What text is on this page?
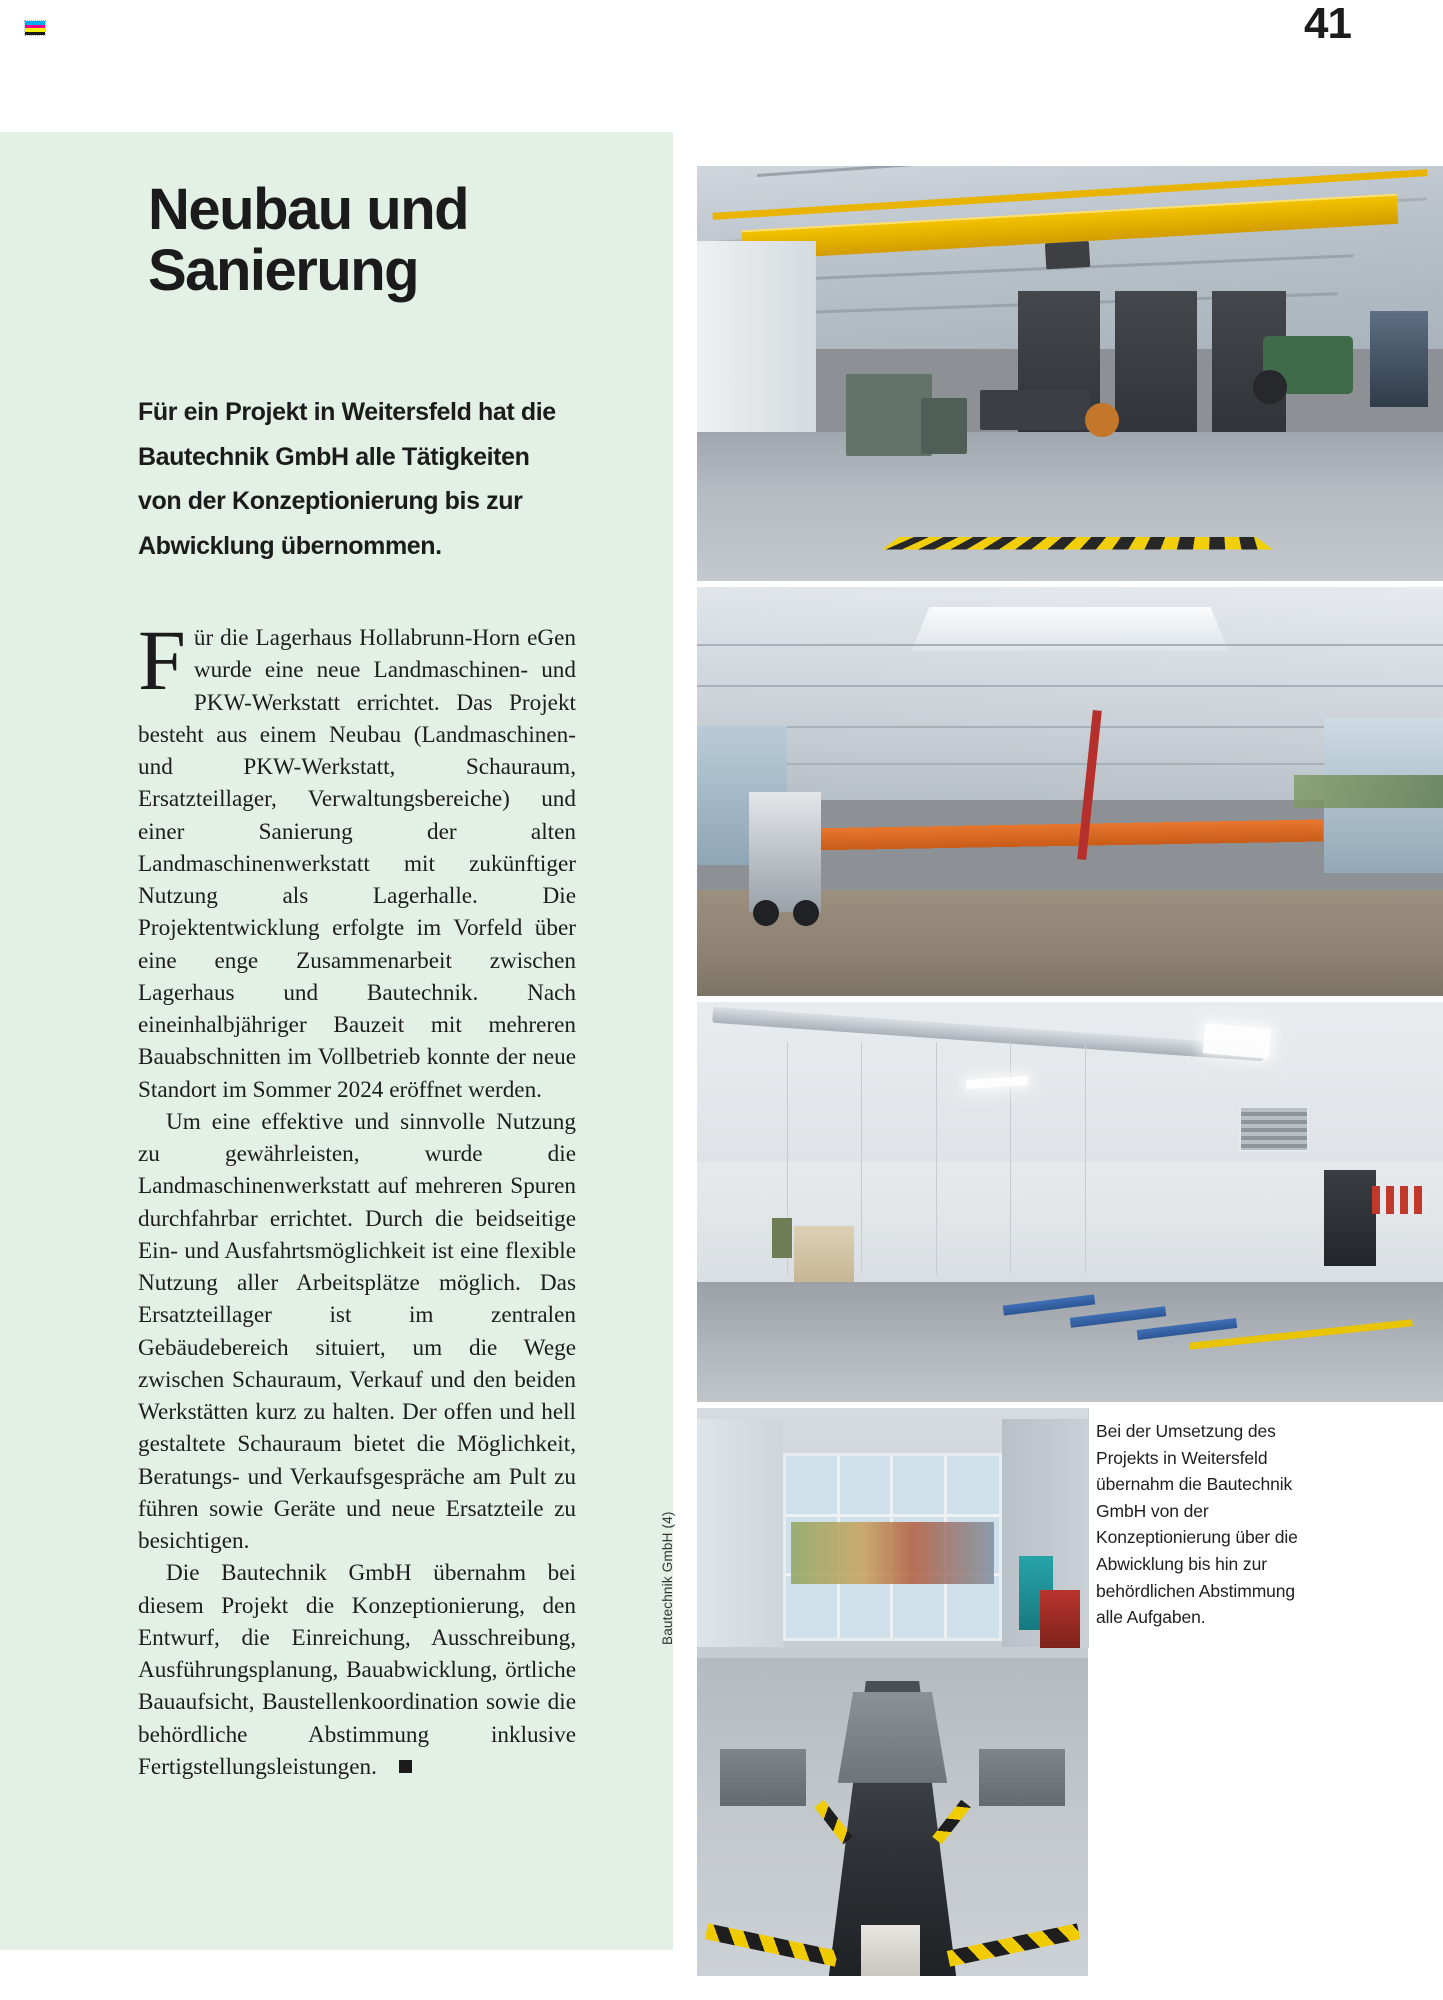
41
Neubau und Sanierung

Für ein Projekt in Weitersfeld hat die Bautechnik GmbH alle Tätigkeiten von der Konzeptionierung bis zur Abwicklung übernommen.

Für die Lagerhaus Hollabrunn-Horn eGen wurde eine neue Landmaschinen- und PKW-Werkstatt errichtet. Das Projekt besteht aus einem Neubau (Landmaschinen- und PKW-Werkstatt, Schauraum, Ersatzteillager, Verwaltungsbereiche) und einer Sanierung der alten Landmaschinenwerkstatt mit zukünftiger Nutzung als Lagerhalle. Die Projektentwicklung erfolgte im Vorfeld über eine enge Zusammenarbeit zwischen Lagerhaus und Bautechnik. Nach eineinhalbjähriger Bauzeit mit mehreren Bauabschnitten im Vollbetrieb konnte der neue Standort im Sommer 2024 eröffnet werden.

Um eine effektive und sinnvolle Nutzung zu gewährleisten, wurde die Landmaschinenwerkstatt auf mehreren Spuren durchfahrbar errichtet. Durch die beidseitige Ein- und Ausfahrtsmöglichkeit ist eine flexible Nutzung aller Arbeitsplätze möglich. Das Ersatzteillager ist im zentralen Gebäudebereich situiert, um die Wege zwischen Schauraum, Verkauf und den beiden Werkstätten kurz zu halten. Der offen und hell gestaltete Schauraum bietet die Möglichkeit, Beratungs- und Verkaufsgespräche am Pult zu führen sowie Geräte und neue Ersatzteile zu besichtigen.

Die Bautechnik GmbH übernahm bei diesem Projekt die Konzeptionierung, den Entwurf, die Einreichung, Ausschreibung, Ausführungsplanung, Bauabwicklung, örtliche Bauaufsicht, Baustellenkoordination sowie die behördliche Abstimmung inklusive Fertigstellungsleistungen.

Bautechnik GmbH (4)

Bei der Umsetzung des Projekts in Weitersfeld übernahm die Bautechnik GmbH von der Konzeptionierung über die Abwicklung bis hin zur behördlichen Abstimmung alle Aufgaben.
